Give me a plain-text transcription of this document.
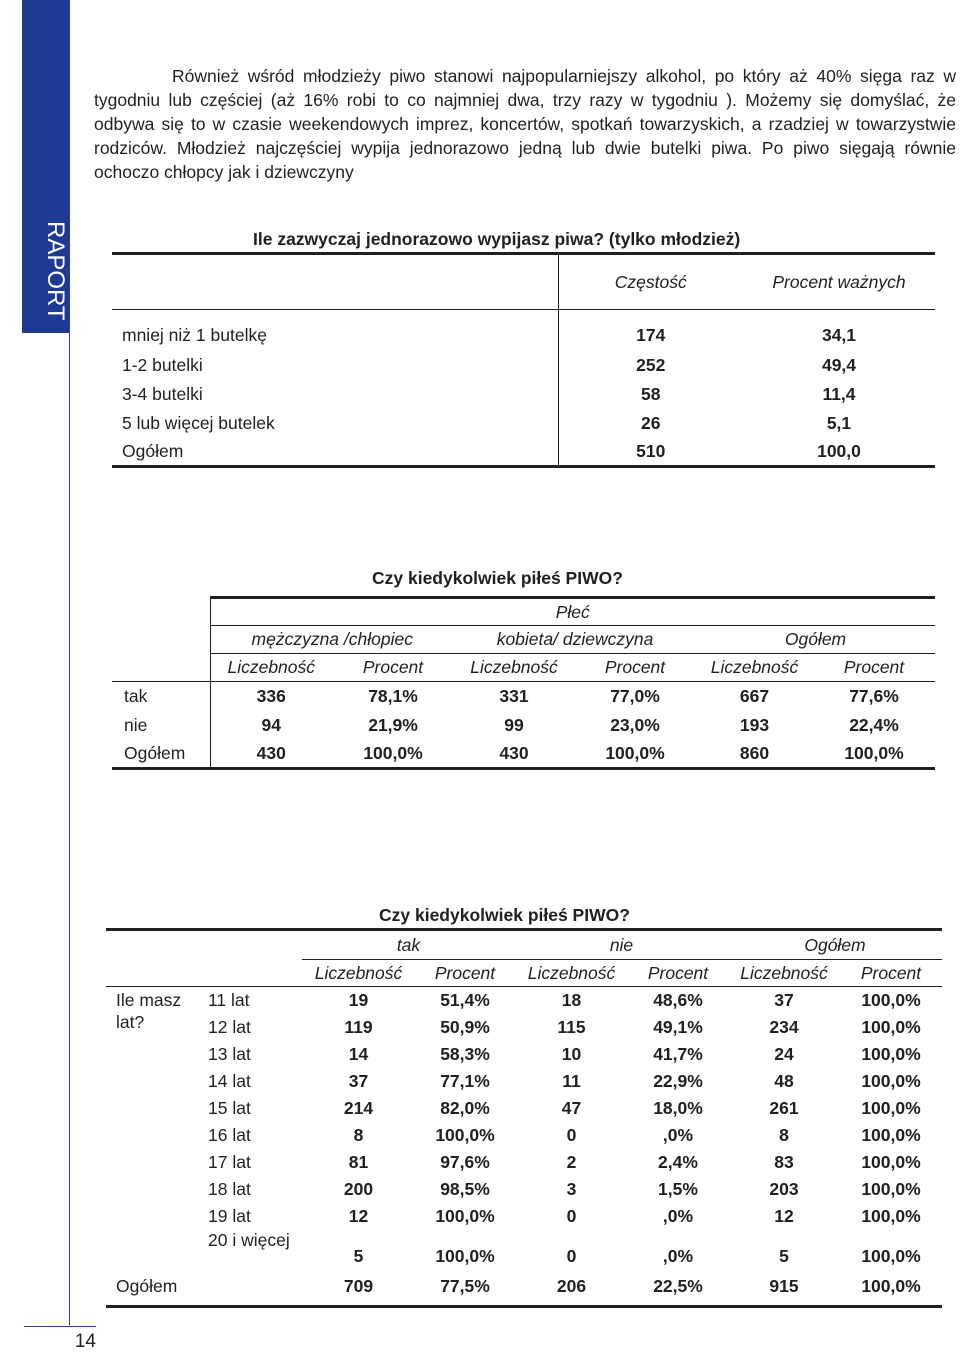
RAPORT
14

Również wśród młodzieży piwo stanowi najpopularniejszy alkohol, po który aż 40% sięga raz w tygodniu lub częściej (aż 16% robi to co najmniej dwa, trzy razy w tygodniu ). Możemy się domyślać, że odbywa się to w czasie weekendowych imprez, koncertów, spotkań towarzyskich, a rzadziej w towarzystwie rodziców. Młodzież najczęściej wypija jednorazowo jedną lub dwie butelki piwa. Po piwo sięgają równie ochoczo chłopcy jak i dziewczyny

Ile zazwyczaj jednorazowo wypijasz piwa? (tylko młodzież)
	Częstość	Procent ważnych
mniej niż 1 butelkę	174	34,1
1-2 butelki	252	49,4
3-4 butelki	58	11,4
5 lub więcej butelek	26	5,1
Ogółem	510	100,0
Czy kiedykolwiek piłeś PIWO?
	Płeć					
	mężczyzna /chłopiec		kobieta/ dziewczyna		Ogółem	
	Liczebność	Procent	Liczebność	Procent	Liczebność	Procent
tak	336	78,1%	331	77,0%	667	77,6%
nie	94	21,9%	99	23,0%	193	22,4%
Ogółem	430	100,0%	430	100,0%	860	100,0%
Czy kiedykolwiek piłeś PIWO?
		tak		nie		Ogółem	
		Liczebność	Procent	Liczebność	Procent	Liczebność	Procent
Ile masz lat?	11 lat	19	51,4%	18	48,6%	37	100,0%
	12 lat	119	50,9%	115	49,1%	234	100,0%
	13 lat	14	58,3%	10	41,7%	24	100,0%
	14 lat	37	77,1%	11	22,9%	48	100,0%
	15 lat	214	82,0%	47	18,0%	261	100,0%
	16 lat	8	100,0%	0	,0%	8	100,0%
	17 lat	81	97,6%	2	2,4%	83	100,0%
	18 lat	200	98,5%	3	1,5%	203	100,0%
	19 lat	12	100,0%	0	,0%	12	100,0%
	20 i więcej	5	100,0%	0	,0%	5	100,0%
Ogółem		709	77,5%	206	22,5%	915	100,0%
